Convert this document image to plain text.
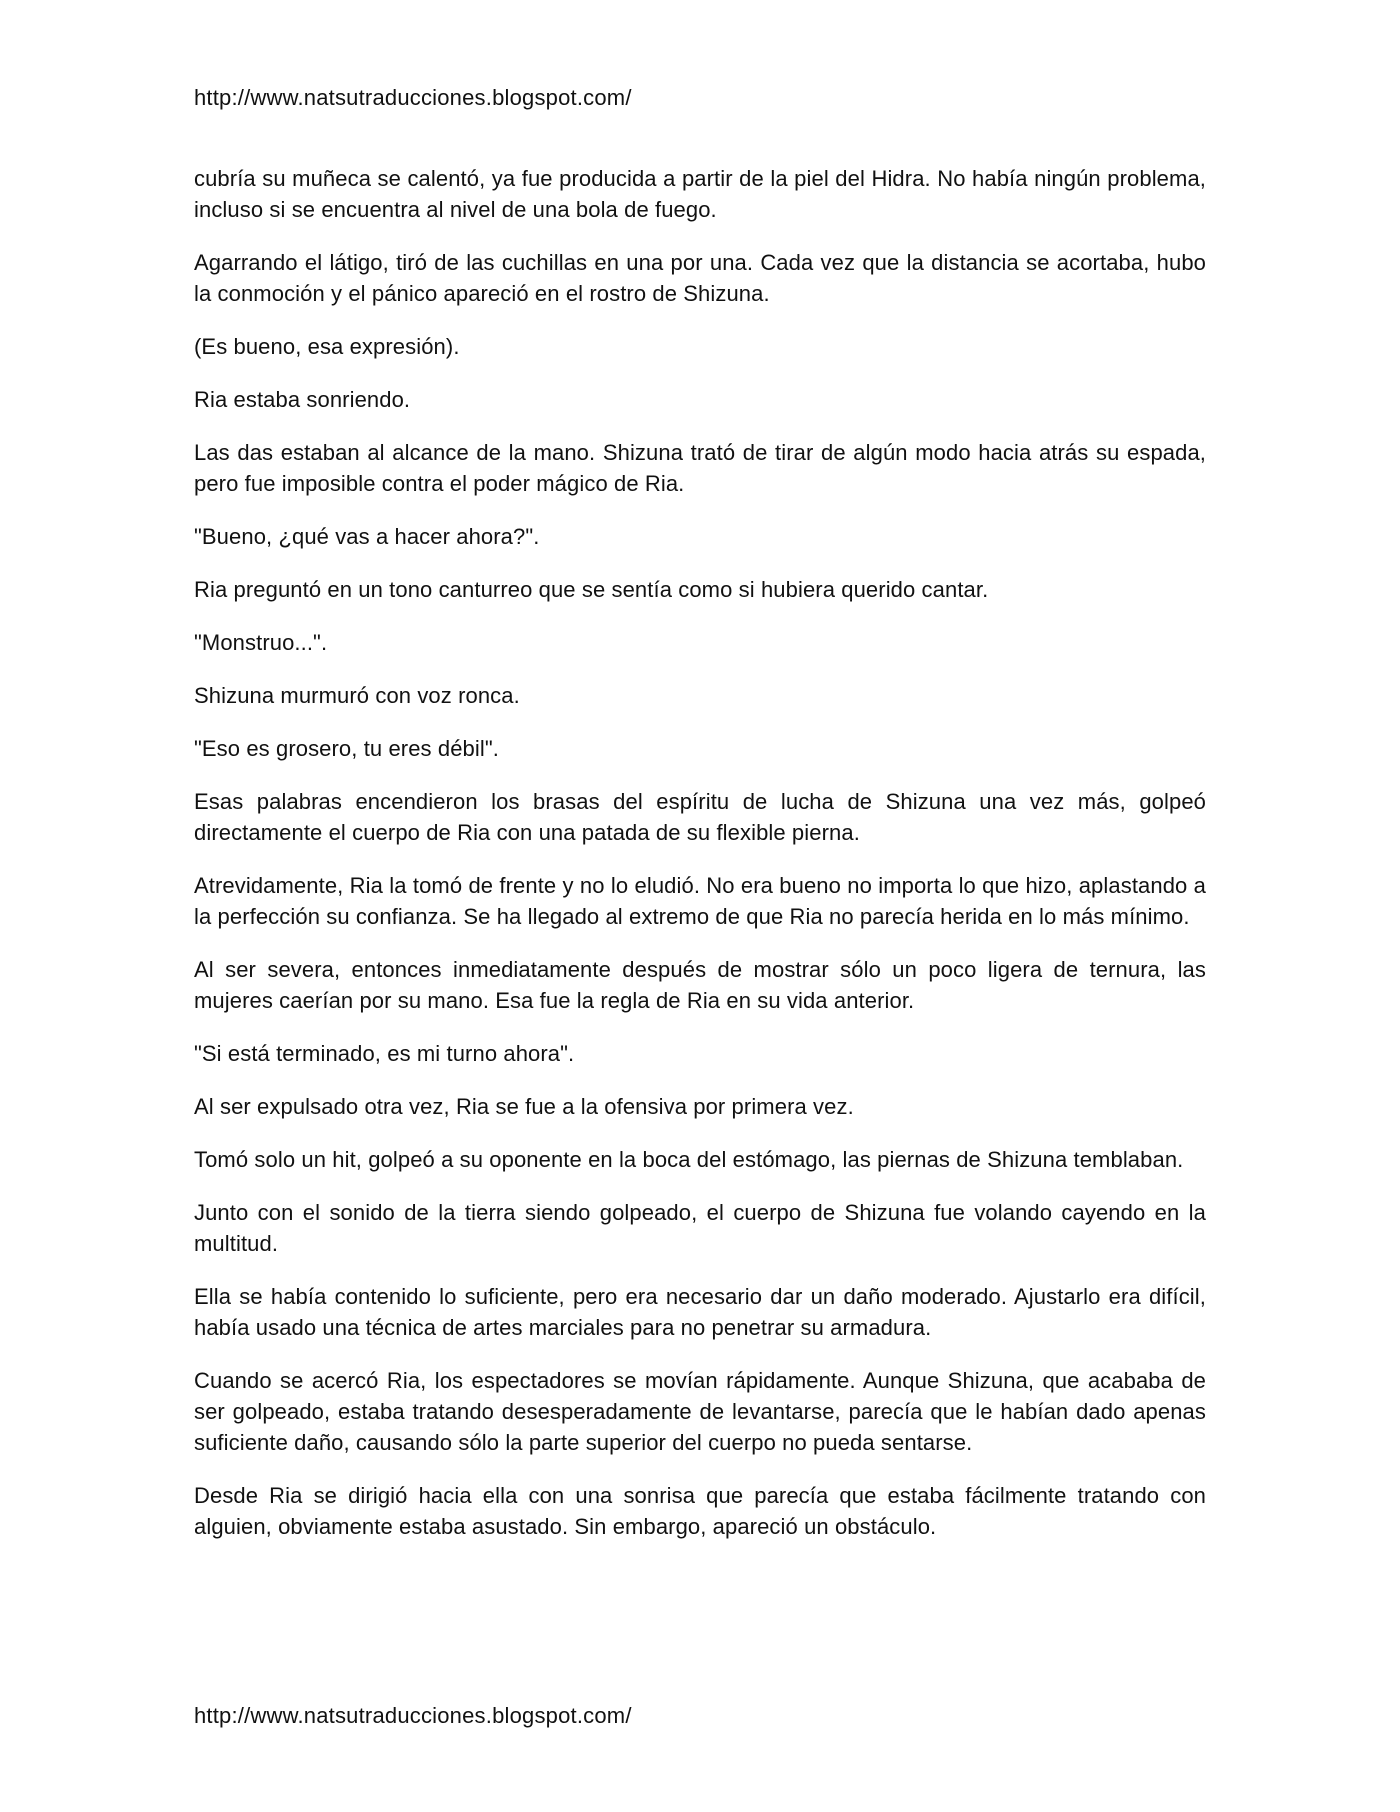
http://www.natsutraducciones.blogspot.com/

cubría su muñeca se calentó, ya fue producida a partir de la piel del Hidra. No había ningún problema, incluso si se encuentra al nivel de una bola de fuego.

Agarrando el látigo, tiró de las cuchillas en una por una. Cada vez que la distancia se acortaba, hubo la conmoción y el pánico apareció en el rostro de Shizuna.

(Es bueno, esa expresión).

Ria estaba sonriendo.

Las das estaban al alcance de la mano. Shizuna trató de tirar de algún modo hacia atrás su espada, pero fue imposible contra el poder mágico de Ria.

"Bueno, ¿qué vas a hacer ahora?".

Ria preguntó en un tono canturreo que se sentía como si hubiera querido cantar.

"Monstruo...".

Shizuna murmuró con voz ronca.

"Eso es grosero, tu eres débil".

Esas palabras encendieron los brasas del espíritu de lucha de Shizuna una vez más, golpeó directamente el cuerpo de Ria con una patada de su flexible pierna.

Atrevidamente, Ria la tomó de frente y no lo eludió. No era bueno no importa lo que hizo, aplastando a la perfección su confianza. Se ha llegado al extremo de que Ria no parecía herida en lo más mínimo.

Al ser severa, entonces inmediatamente después de mostrar sólo un poco ligera de ternura, las mujeres caerían por su mano. Esa fue la regla de Ria en su vida anterior.

"Si está terminado, es mi turno ahora".

Al ser expulsado otra vez, Ria se fue a la ofensiva por primera vez.

Tomó solo un hit, golpeó a su oponente en la boca del estómago, las piernas de Shizuna temblaban.

Junto con el sonido de la tierra siendo golpeado, el cuerpo de Shizuna fue volando cayendo en la multitud.

Ella se había contenido lo suficiente, pero era necesario dar un daño moderado. Ajustarlo era difícil, había usado una técnica de artes marciales para no penetrar su armadura.

Cuando se acercó Ria, los espectadores se movían rápidamente. Aunque Shizuna, que acababa de ser golpeado, estaba tratando desesperadamente de levantarse, parecía que le habían dado apenas suficiente daño, causando sólo la parte superior del cuerpo no pueda sentarse.

Desde Ria se dirigió hacia ella con una sonrisa que parecía que estaba fácilmente tratando con alguien, obviamente estaba asustado. Sin embargo, apareció un obstáculo.

http://www.natsutraducciones.blogspot.com/
